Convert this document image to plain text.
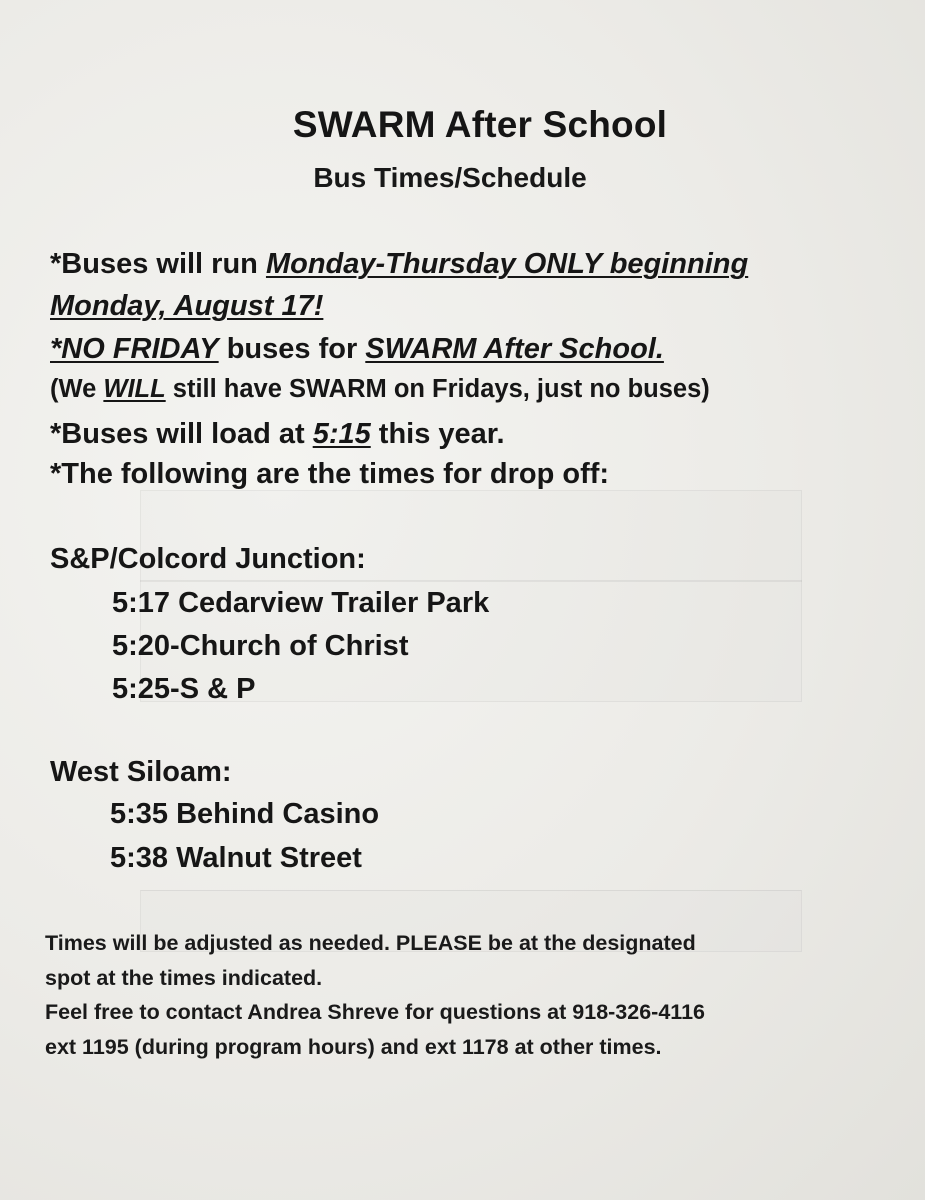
SWARM After School
Bus Times/Schedule
*Buses will run Monday-Thursday ONLY beginning
Monday, August 17!
*NO FRIDAY buses for SWARM After School.
(We WILL still have SWARM on Fridays, just no buses)
*Buses will load at 5:15 this year.
*The following are the times for drop off:
S&P/Colcord Junction:
5:17 Cedarview Trailer Park
5:20-Church of Christ
5:25-S & P
West Siloam:
5:35 Behind Casino
5:38 Walnut Street

Times will be adjusted as needed. PLEASE be at the designated

spot at the times indicated.

Feel free to contact Andrea Shreve for questions at 918-326-4116

ext 1195 (during program hours) and ext 1178 at other times.
